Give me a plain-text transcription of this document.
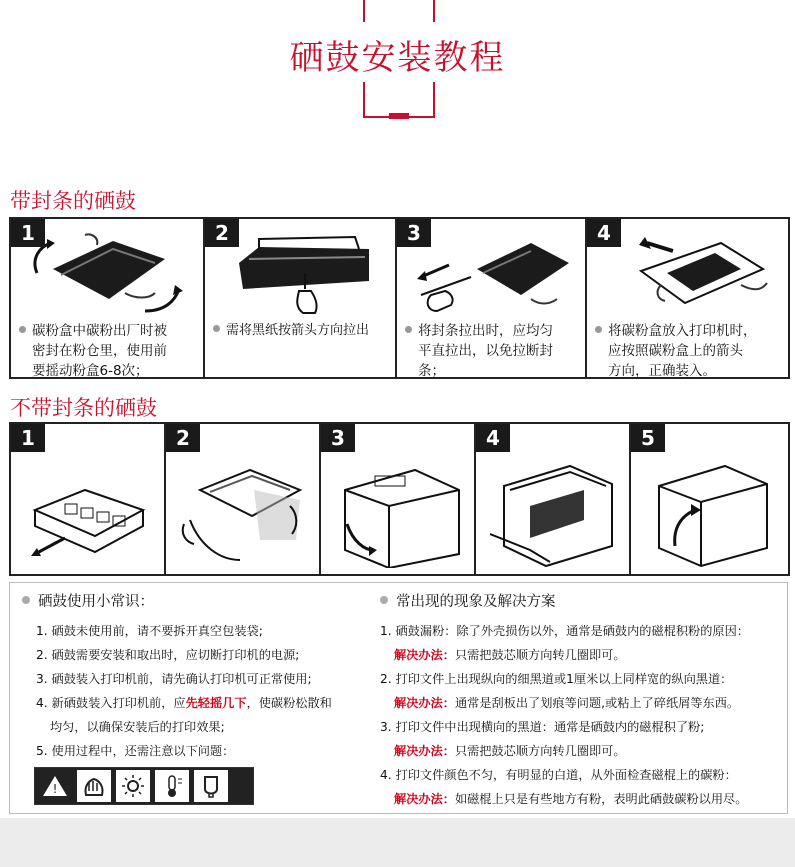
硒鼓安装教程
带封条的硒鼓
1
碳粉盒中碳粉出厂时被
密封在粉仓里，使用前
要摇动粉盒6-8次；
2
需将黑纸按箭头方向拉出
3
将封条拉出时，应均匀
平直拉出，以免拉断封
条；
4
将碳粉盒放入打印机时，
应按照碳粉盒上的箭头
方向，正确装入。
不带封条的硒鼓
1	2	3	4	5
硒鼓使用小常识：
1. 硒鼓未使用前，请不要拆开真空包装袋;
2. 硒鼓需要安装和取出时，应切断打印机的电源;
3. 硒鼓装入打印机前，请先确认打印机可正常使用;
4. 新硒鼓装入打印机前，应先轻摇几下，使碳粉松散和
均匀，以确保安装后的打印效果;
5. 使用过程中，还需注意以下问题：
!
常出现的现象及解决方案
1. 硒鼓漏粉：除了外壳损伤以外，通常是硒鼓内的磁棍积粉的原因：
解决办法：只需把鼓芯顺方向转几圈即可。
2. 打印文件上出现纵向的细黑道或1厘米以上同样宽的纵向黑道：
解决办法：通常是刮板出了划痕等问题,或粘上了碎纸屑等东西。
3. 打印文件中出现横向的黑道：通常是硒鼓内的磁棍积了粉;
解决办法：只需把鼓芯顺方向转几圈即可。
4. 打印文件颜色不匀，有明显的白道，从外面检查磁棍上的碳粉：
解决办法：如磁棍上只是有些地方有粉，表明此硒鼓碳粉以用尽。
